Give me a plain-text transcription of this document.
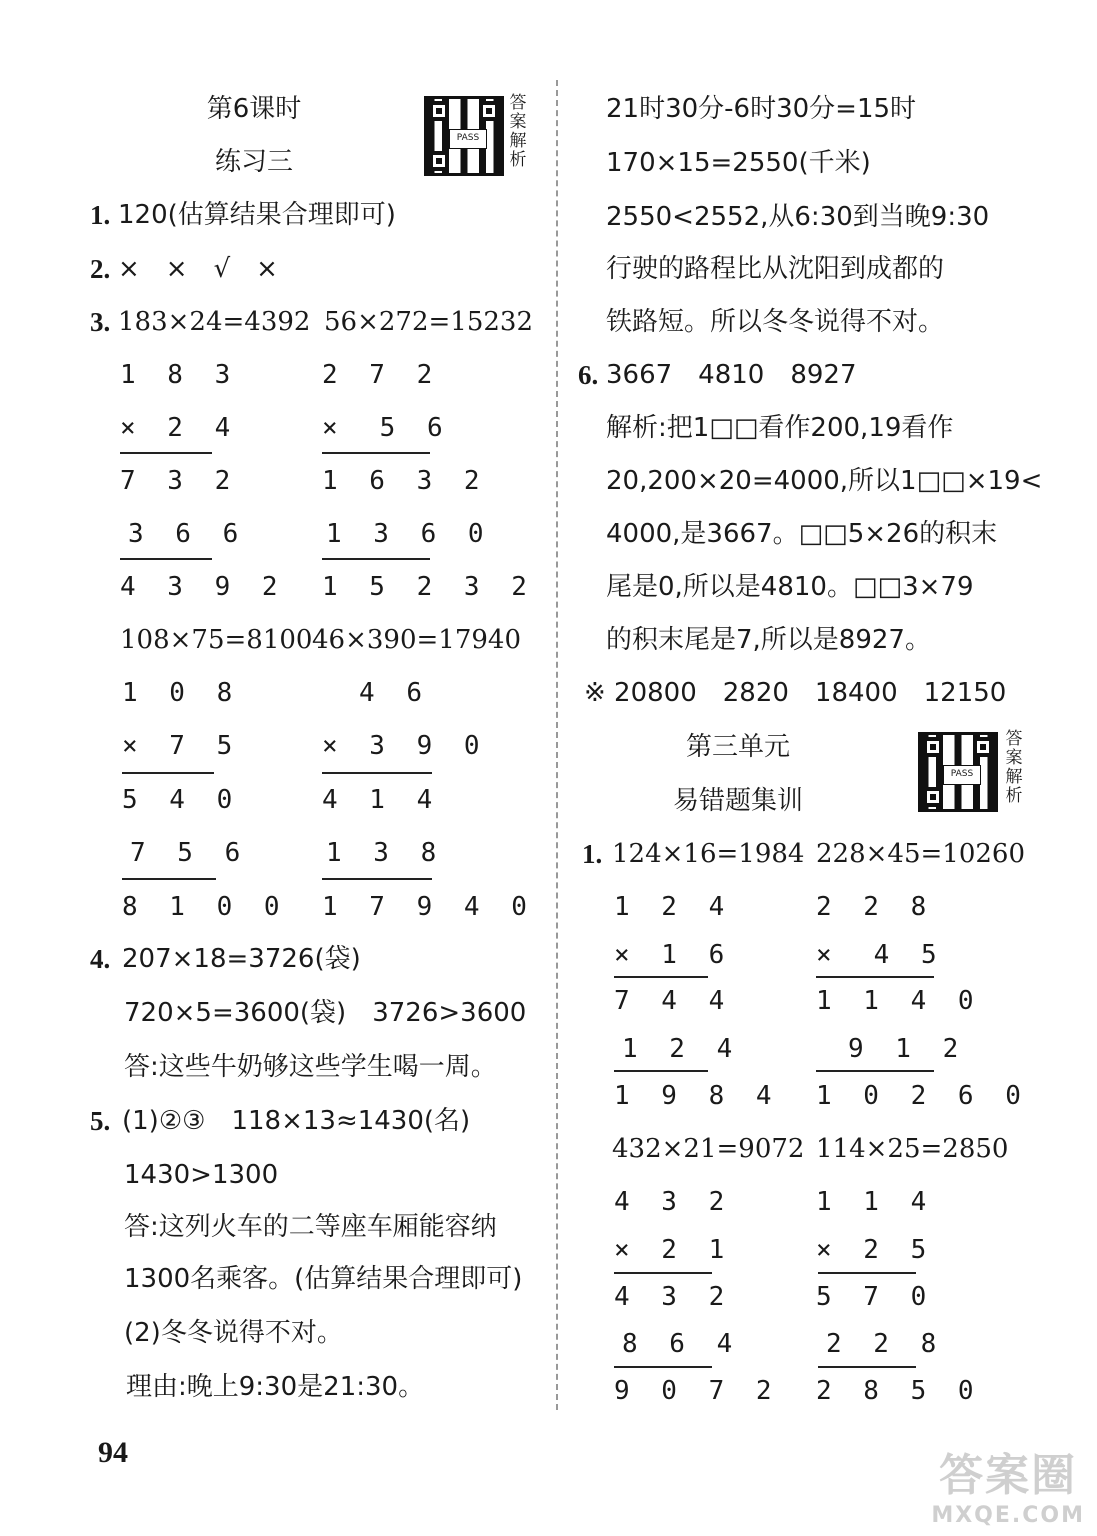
第6课时
练习三
PASS
答
案
解
析
1. 120(估算结果合理即可)
2. ×　×　√　×
3. 183×24=4392 56×272=15232
1 8 3
× 2 4
7 3 2
3 6 6
4 3 9 2
2 7 2
×　5 6
1 6 3 2
1 3 6 0
1 5 2 3 2
108×75=8100 46×390=17940
1 0 8
× 7 5
5 4 0
7 5 6
8 1 0 0
4 6
× 3 9 0
4 1 4
1 3 8
1 7 9 4 0
4. 207×18=3726(袋)
720×5=3600(袋)　3726>3600
答:这些牛奶够这些学生喝一周。
5. (1)②③　118×13≈1430(名)
1430>1300
答:这列火车的二等座车厢能容纳
1300名乘客。(估算结果合理即可)
(2)冬冬说得不对。
理由:晚上9:30是21:30。
21时30分-6时30分=15时
170×15=2550(千米)
2550<2552,从6:30到当晚9:30
行驶的路程比从沈阳到成都的
铁路短。所以冬冬说得不对。
6. 3667　4810　8927
解析:把1□□看作200,19看作
20,200×20=4000,所以1□□×19<
4000,是3667。□□5×26的积末
尾是0,所以是4810。□□3×79
的积末尾是7,所以是8927。
※ 20800　2820　18400　12150
第三单元
易错题集训
PASS
答
案
解
析
1. 124×16=1984 228×45=10260
1 2 4
× 1 6
7 4 4
1 2 4
1 9 8 4
2 2 8
×　4 5
1 1 4 0
9 1 2
1 0 2 6 0
432×21=9072 114×25=2850
4 3 2
× 2 1
4 3 2
8 6 4
9 0 7 2
1 1 4
× 2 5
5 7 0
2 2 8
2 8 5 0
94	答案圈
MXQE.COM
